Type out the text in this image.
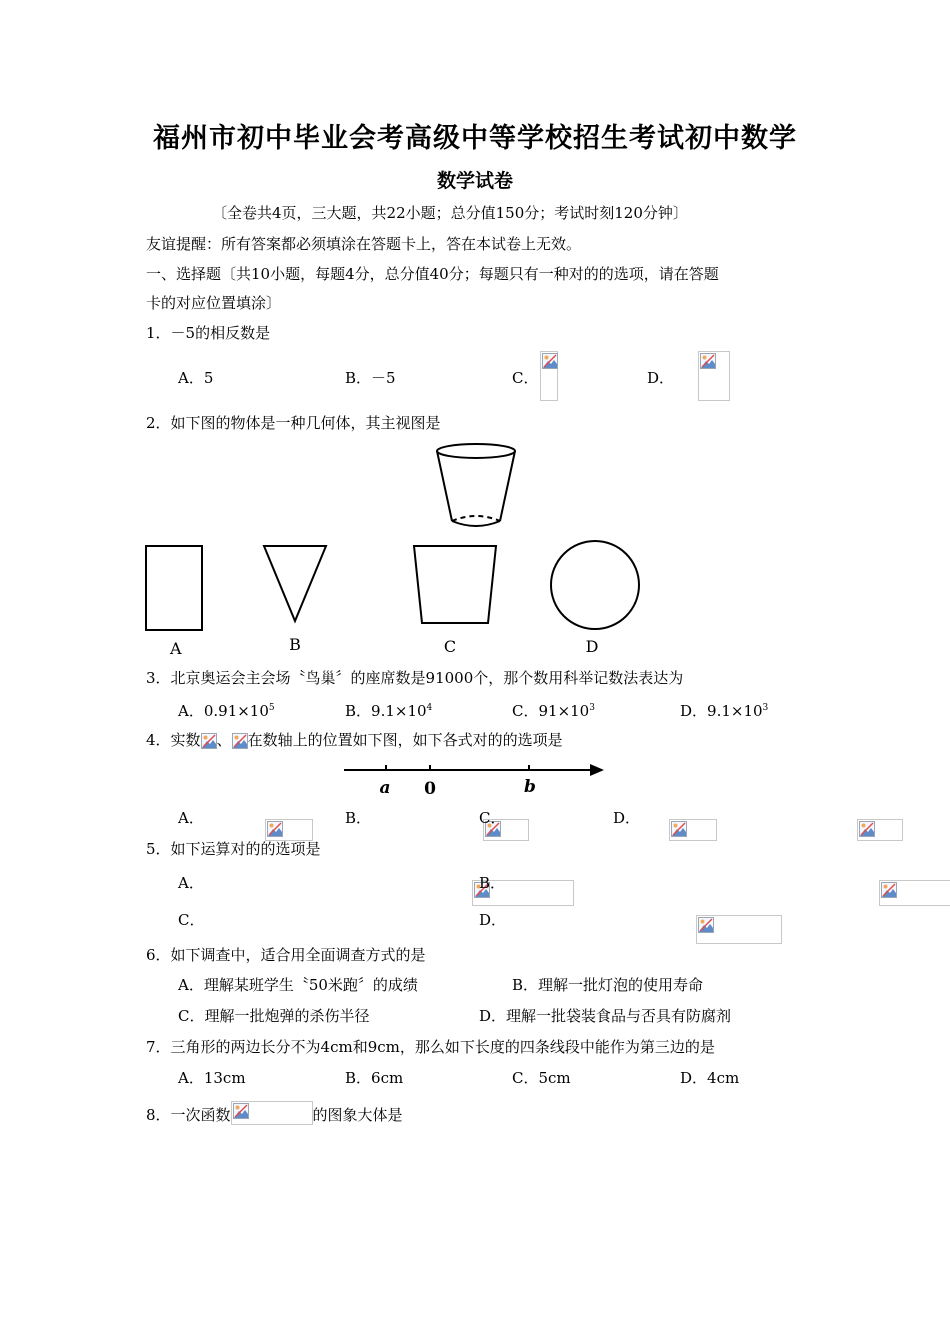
福州市初中毕业会考高级中等学校招生考试初中数学
数学试卷
〔全卷共4页，三大题，共22小题；总分值150分；考试时刻120分钟〕
友谊提醒：所有答案都必须填涂在答题卡上，答在本试卷上无效。
一、选择题〔共10小题，每题4分，总分值40分；每题只有一种对的的选项，请在答题
卡的对应位置填涂〕
1．－5的相反数是
A．5	B．－5	C．
	D．

2．如下图的物体是一种几何体，其主视图是
A	B	C	D
3．北京奥运会主会场〝鸟巢〞的座席数是91000个，那个数用科举记数法表达为
A．$0.91\times 10^5$	B．$9.1\times 10^4$	C．$91\times 10^3$	D．$9.1\times 10^3$
4．实数 、 在数轴上的位置如下图，如下各式对的的选项是
a 0	b
A．
	B．
	C．
	D．

5．如下运算对的的选项是
A．
	B．

C．
	D．
6．如下调查中，适合用全面调查方式的是
A．理解某班学生〝50米跑〞的成绩	B．理解一批灯泡的使用寿命
C．理解一批炮弹的杀伤半径	D．理解一批袋装食品与否具有防腐剂
7．三角形的两边长分不为4cm和9cm，那么如下长度的四条线段中能作为第三边的是
A．13cm	B．6cm	C．5cm	D．4cm
8．一次函数	的图象大体是
